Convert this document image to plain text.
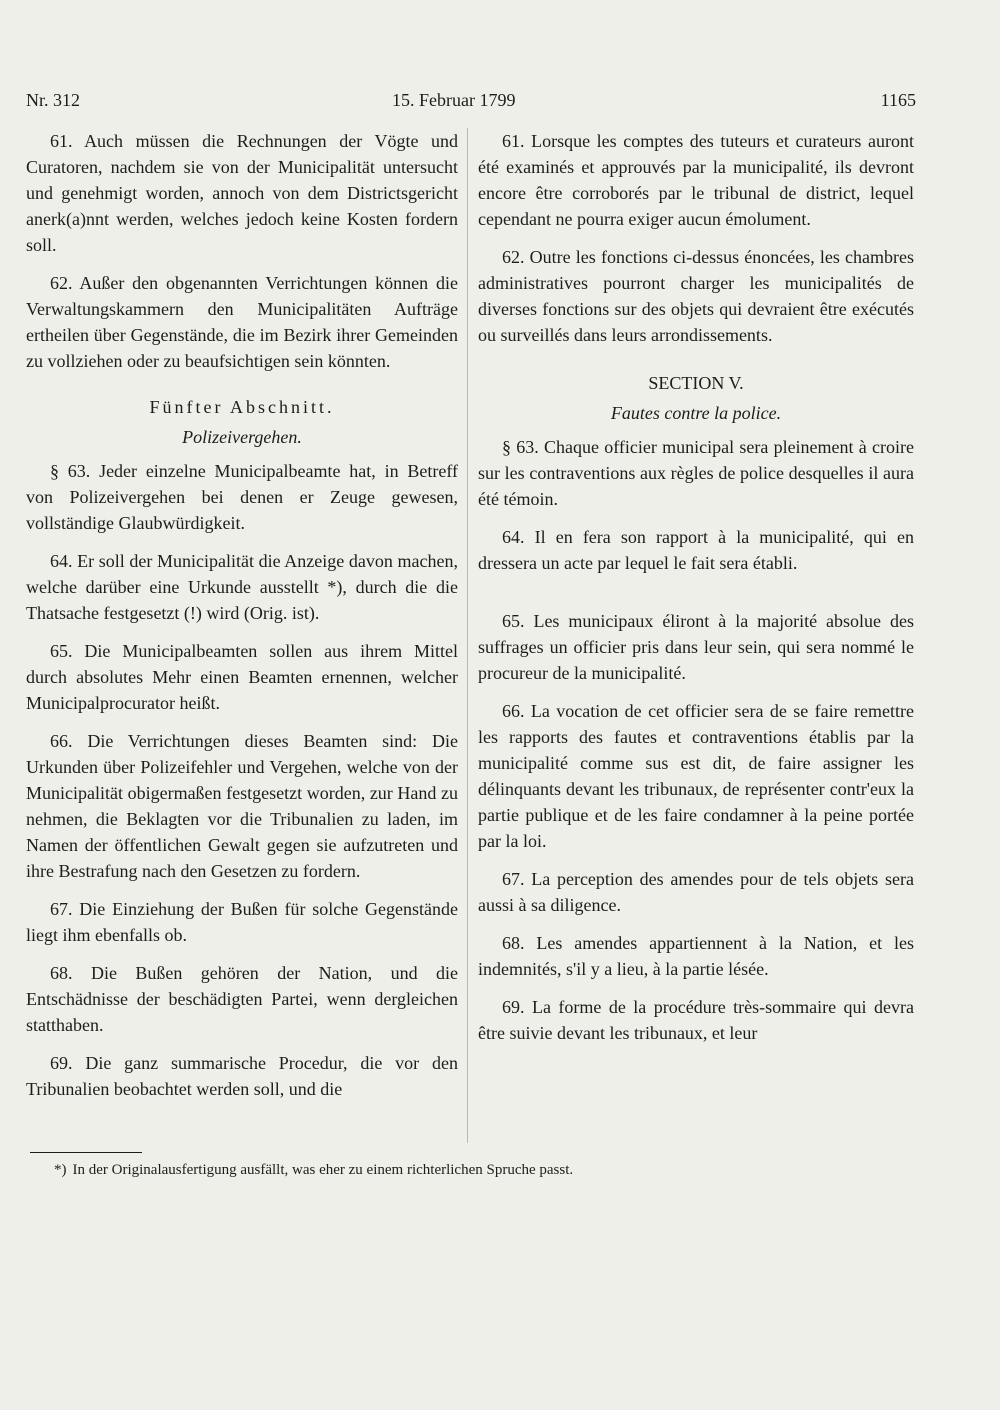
Nr. 312	15. Februar 1799	1165

61. Auch müssen die Rechnungen der Vögte und Curatoren, nachdem sie von der Municipalität untersucht und genehmigt worden, annoch von dem Districtsgericht anerk(a)nnt werden, welches jedoch keine Kosten fordern soll.

62. Außer den obgenannten Verrichtungen können die Verwaltungskammern den Municipalitäten Aufträge ertheilen über Gegenstände, die im Bezirk ihrer Gemeinden zu vollziehen oder zu beaufsichtigen sein könnten.

Fünfter Abschnitt.
Polizeivergehen.

§ 63. Jeder einzelne Municipalbeamte hat, in Betreff von Polizeivergehen bei denen er Zeuge gewesen, vollständige Glaubwürdigkeit.

64. Er soll der Municipalität die Anzeige davon machen, welche darüber eine Urkunde ausstellt *), durch die die Thatsache festgesetzt (!) wird (Orig. ist).

65. Die Municipalbeamten sollen aus ihrem Mittel durch absolutes Mehr einen Beamten ernennen, welcher Municipalprocurator heißt.

66. Die Verrichtungen dieses Beamten sind: Die Urkunden über Polizeifehler und Vergehen, welche von der Municipalität obigermaßen festgesetzt worden, zur Hand zu nehmen, die Beklagten vor die Tribunalien zu laden, im Namen der öffentlichen Gewalt gegen sie aufzutreten und ihre Bestrafung nach den Gesetzen zu fordern.

67. Die Einziehung der Bußen für solche Gegenstände liegt ihm ebenfalls ob.

68. Die Bußen gehören der Nation, und die Entschädnisse der beschädigten Partei, wenn dergleichen statthaben.

69. Die ganz summarische Procedur, die vor den Tribunalien beobachtet werden soll, und die

61. Lorsque les comptes des tuteurs et curateurs auront été examinés et approuvés par la municipalité, ils devront encore être corroborés par le tribunal de district, lequel cependant ne pourra exiger aucun émolument.

62. Outre les fonctions ci-dessus énoncées, les chambres administratives pourront charger les municipalités de diverses fonctions sur des objets qui devraient être exécutés ou surveillés dans leurs arrondissements.

SECTION V.
Fautes contre la police.

§ 63. Chaque officier municipal sera pleinement à croire sur les contraventions aux règles de police desquelles il aura été témoin.

64. Il en fera son rapport à la municipalité, qui en dressera un acte par lequel le fait sera établi.

65. Les municipaux éliront à la majorité absolue des suffrages un officier pris dans leur sein, qui sera nommé le procureur de la municipalité.

66. La vocation de cet officier sera de se faire remettre les rapports des fautes et contraventions établis par la municipalité comme sus est dit, de faire assigner les délinquants devant les tribunaux, de représenter contr'eux la partie publique et de les faire condamner à la peine portée par la loi.

67. La perception des amendes pour de tels objets sera aussi à sa diligence.

68. Les amendes appartiennent à la Nation, et les indemnités, s'il y a lieu, à la partie lésée.

69. La forme de la procédure très-sommaire qui devra être suivie devant les tribunaux, et leur

*) In der Originalausfertigung ausfällt, was eher zu einem richterlichen Spruche passt.
